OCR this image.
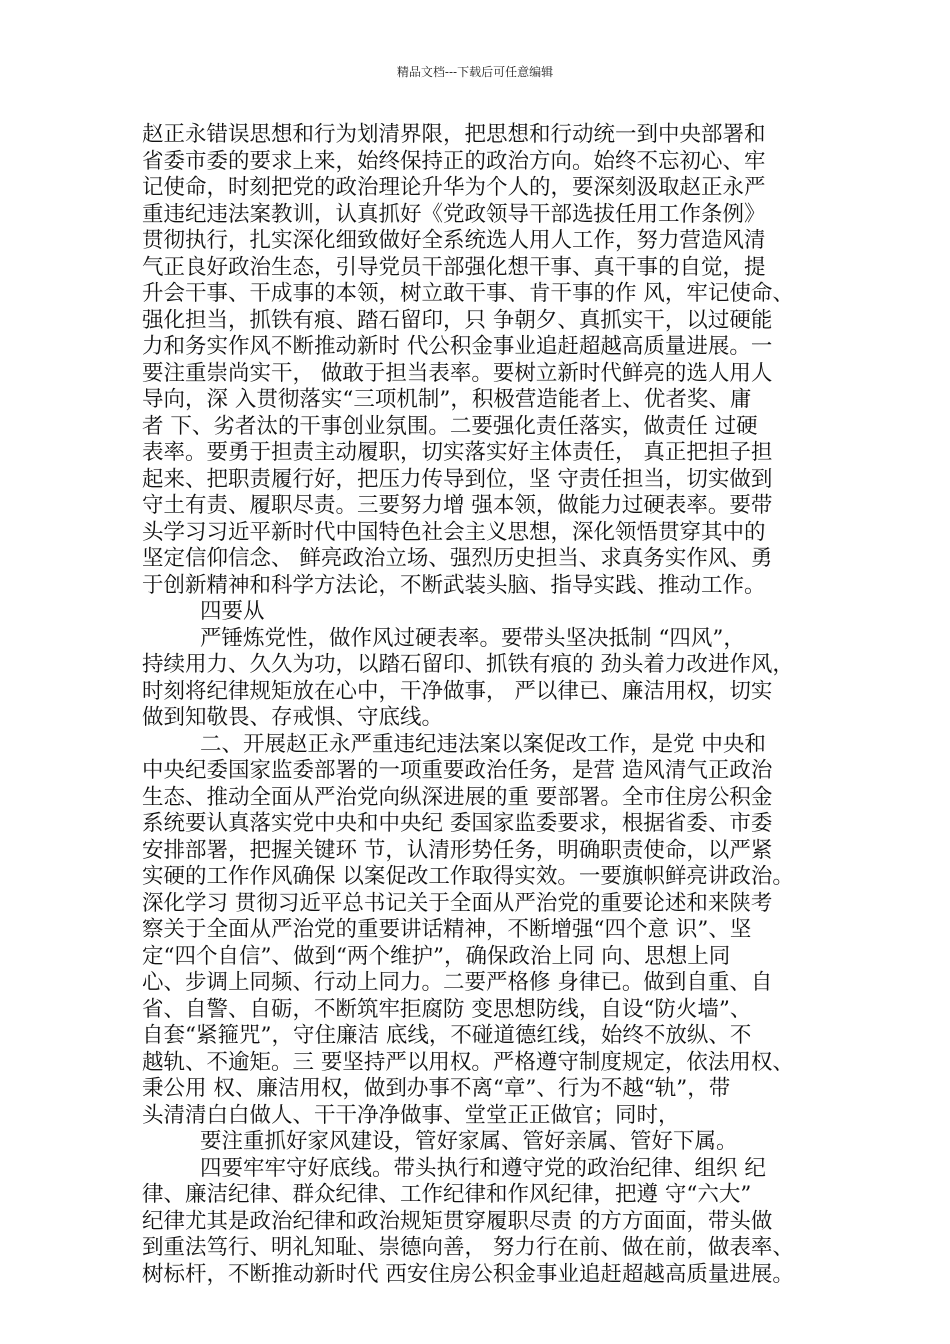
精品文档---下载后可任意编辑
赵正永错误思想和行为划清界限，把思想和行动统一到中央部署和
省委市委的要求上来，始终保持正的政治方向。始终不忘初心、牢
记使命，时刻把党的政治理论升华为个人的，要深刻汲取赵正永严
重违纪违法案教训，认真抓好《党政领导干部选拔任用工作条例》
贯彻执行，扎实深化细致做好全系统选人用人工作，努力营造风清
气正良好政治生态，引导党员干部强化想干事、真干事的自觉，提
升会干事、干成事的本领，树立敢干事、肯干事的作 风，牢记使命、
强化担当，抓铁有痕、踏石留印，只 争朝夕、真抓实干，以过硬能
力和务实作风不断推动新时 代公积金事业追赶超越高质量进展。一
要注重崇尚实干， 做敢于担当表率。要树立新时代鲜亮的选人用人
导向，深 入贯彻落实“三项机制”，积极营造能者上、优者奖、庸
者 下、劣者汰的干事创业氛围。二要强化责任落实，做责任 过硬
表率。要勇于担责主动履职，切实落实好主体责任， 真正把担子担
起来、把职责履行好，把压力传导到位，坚 守责任担当，切实做到
守土有责、履职尽责。三要努力增 强本领，做能力过硬表率。要带
头学习习近平新时代中国特色社会主义思想，深化领悟贯穿其中的
坚定信仰信念、 鲜亮政治立场、强烈历史担当、求真务实作风、勇
于创新精神和科学方法论，不断武装头脑、指导实践、推动工作。
四要从
严锤炼党性，做作风过硬表率。要带头坚决抵制 “四风”，
持续用力、久久为功，以踏石留印、抓铁有痕的 劲头着力改进作风，
时刻将纪律规矩放在心中，干净做事， 严以律已、廉洁用权，切实
做到知敬畏、存戒惧、守底线。
二、开展赵正永严重违纪违法案以案促改工作，是党 中央和
中央纪委国家监委部署的一项重要政治任务，是营 造风清气正政治
生态、推动全面从严治党向纵深进展的重 要部署。全市住房公积金
系统要认真落实党中央和中央纪 委国家监委要求，根据省委、市委
安排部署，把握关键环 节，认清形势任务，明确职责使命，以严紧
实硬的工作作风确保 以案促改工作取得实效。一要旗帜鲜亮讲政治。
深化学习 贯彻习近平总书记关于全面从严治党的重要论述和来陕考
察关于全面从严治党的重要讲话精神，不断增强“四个意 识”、坚
定“四个自信”、做到“两个维护”，确保政治上同 向、思想上同
心、步调上同频、行动上同力。二要严格修 身律已。做到自重、自
省、自警、自砺，不断筑牢拒腐防 变思想防线，自设“防火墙”、
自套“紧箍咒”，守住廉洁 底线，不碰道德红线，始终不放纵、不
越轨、不逾矩。三 要坚持严以用权。严格遵守制度规定，依法用权、
秉公用 权、廉洁用权，做到办事不离“章”、行为不越“轨”，带
头清清白白做人、干干净净做事、堂堂正正做官；同时，
要注重抓好家风建设，管好家属、管好亲属、管好下属。
四要牢牢守好底线。带头执行和遵守党的政治纪律、组织 纪
律、廉洁纪律、群众纪律、工作纪律和作风纪律，把遵 守“六大”
纪律尤其是政治纪律和政治规矩贯穿履职尽责 的方方面面，带头做
到重法笃行、明礼知耻、崇德向善， 努力行在前、做在前，做表率、
树标杆，不断推动新时代 西安住房公积金事业追赶超越高质量进展。
